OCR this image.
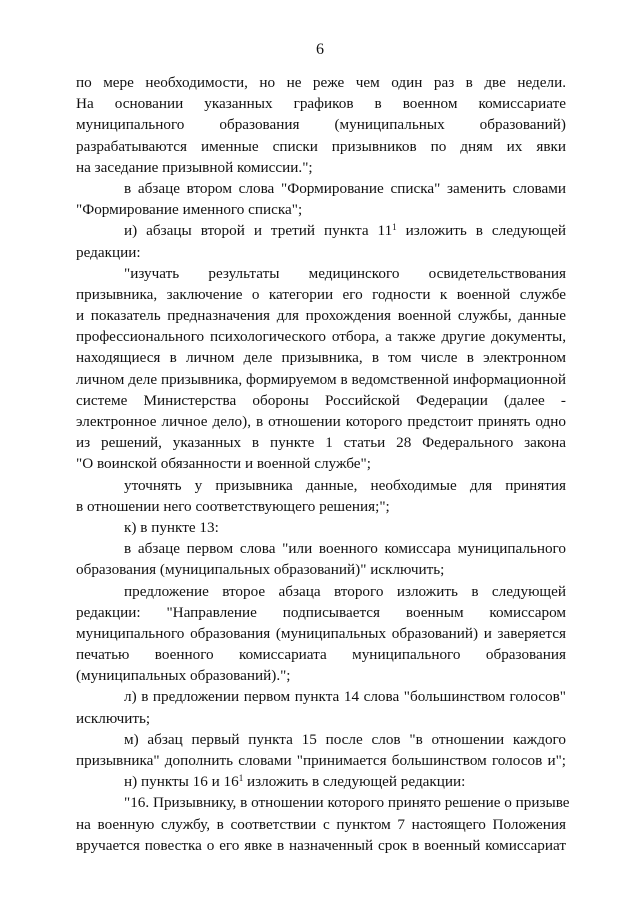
6
по мере необходимости, но не реже чем один раз в две недели.
На основании указанных графиков в военном комиссариате
муниципального образования (муниципальных образований)
разрабатываются именные списки призывников по дням их явки
на заседание призывной комиссии.";
в абзаце втором слова "Формирование списка" заменить словами
"Формирование именного списка";
и) абзацы второй и третий пункта $11^1$ изложить в следующей
редакции:
"изучать результаты медицинского освидетельствования
призывника, заключение о категории его годности к военной службе
и показатель предназначения для прохождения военной службы, данные
профессионального психологического отбора, а также другие документы,
находящиеся в личном деле призывника, в том числе в электронном
личном деле призывника, формируемом в ведомственной информационной
системе Министерства обороны Российской Федерации (далее -
электронное личное дело), в отношении которого предстоит принять одно
из решений, указанных в пункте 1 статьи 28 Федерального закона
"О воинской обязанности и военной службе";
уточнять у призывника данные, необходимые для принятия
в отношении него соответствующего решения;";
к) в пункте 13:
в абзаце первом слова "или военного комиссара муниципального
образования (муниципальных образований)" исключить;
предложение второе абзаца второго изложить в следующей
редакции: "Направление подписывается военным комиссаром
муниципального образования (муниципальных образований) и заверяется
печатью военного комиссариата муниципального образования
(муниципальных образований).";
л) в предложении первом пункта 14 слова "большинством голосов"
исключить;
м) абзац первый пункта 15 после слов "в отношении каждого
призывника" дополнить словами "принимается большинством голосов и";
н) пункты 16 и $16^1$ изложить в следующей редакции:
"16. Призывнику, в отношении которого принято решение о призыве
на военную службу, в соответствии с пунктом 7 настоящего Положения
вручается повестка о его явке в назначенный срок в военный комиссариат
